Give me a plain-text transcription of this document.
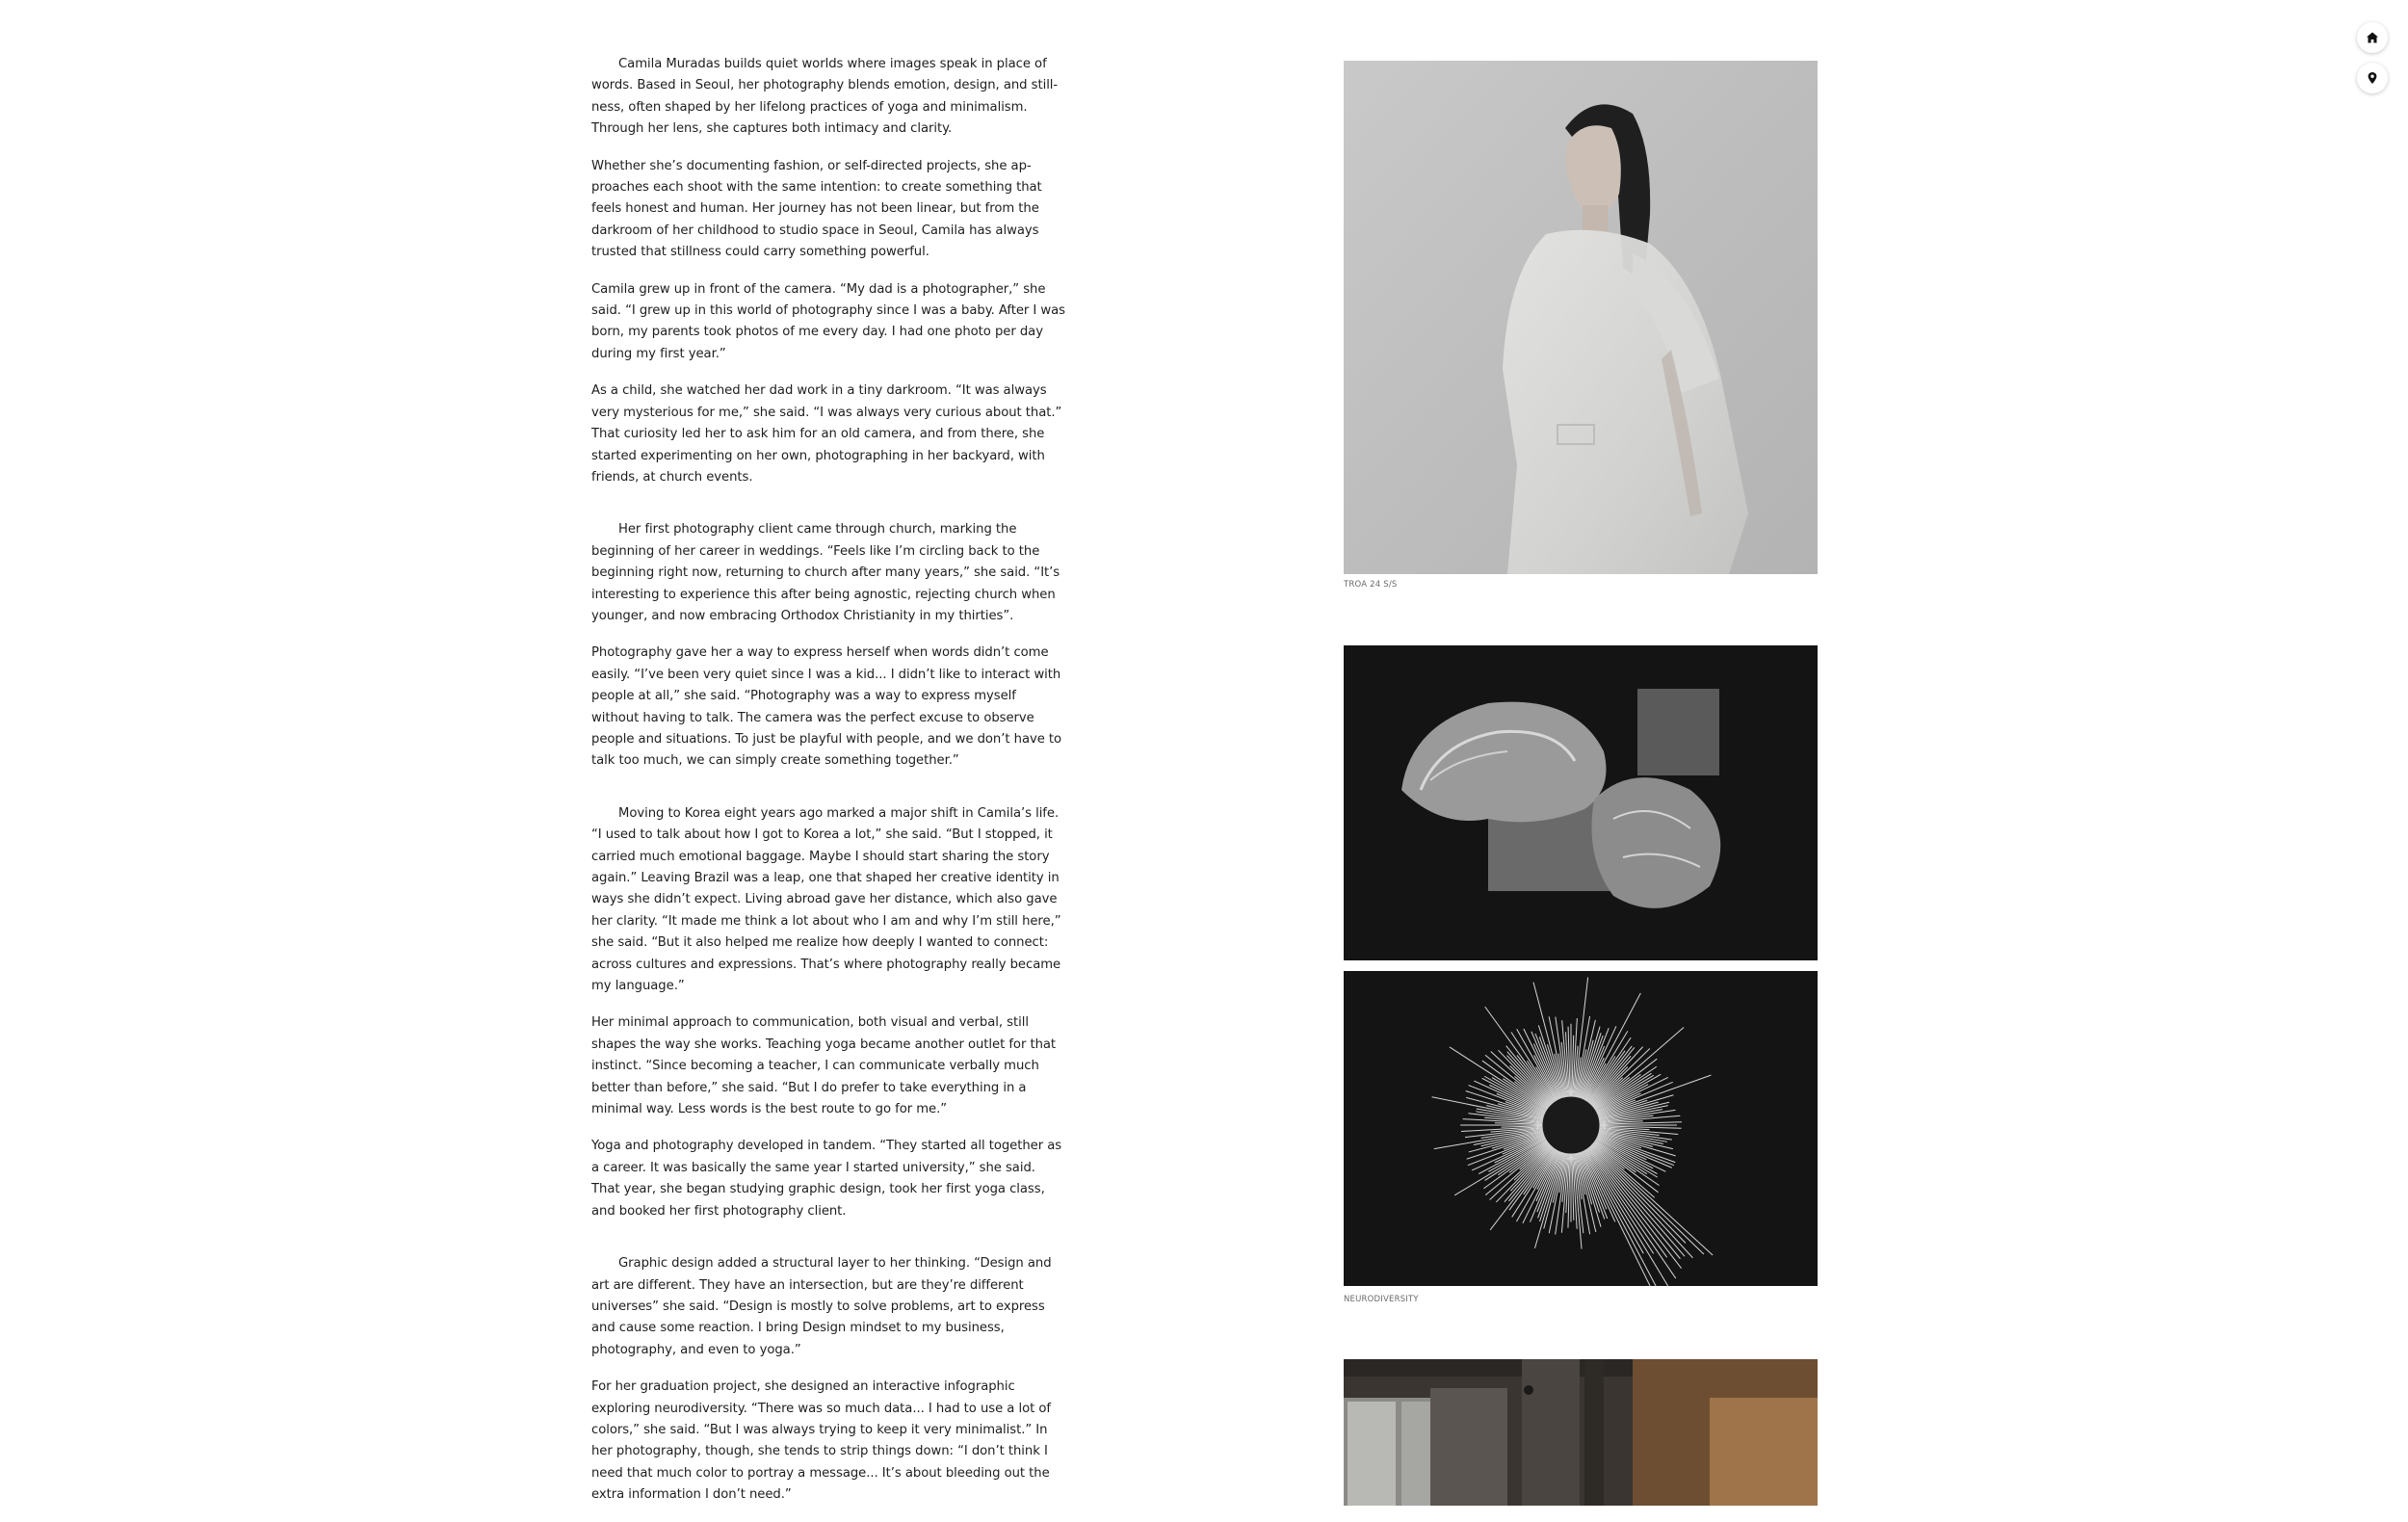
Camila Muradas builds quiet worlds where images speak in place of words. Based in Seoul, her photography blends emotion, design, and stillness, often shaped by her lifelong practices of yoga and minimalism. Through her lens, she captures both intimacy and clarity.

Whether she’s documenting fashion, or self-directed projects, she approaches each shoot with the same intention: to create something that feels honest and human. Her journey has not been linear, but from the darkroom of her childhood to studio space in Seoul, Camila has always trusted that stillness could carry something powerful.

Camila grew up in front of the camera. “My dad is a photographer,” she said. “I grew up in this world of photography since I was a baby. After I was born, my parents took photos of me every day. I had one photo per day during my first year.”

As a child, she watched her dad work in a tiny darkroom. “It was always very mysterious for me,” she said. “I was always very curious about that.” That curiosity led her to ask him for an old camera, and from there, she started experimenting on her own, photographing in her backyard, with friends, at church events.

Her first photography client came through church, marking the beginning of her career in weddings. “Feels like I’m circling back to the beginning right now, returning to church after many years,” she said. “It’s interesting to experience this after being agnostic, rejecting church when younger, and now embracing Orthodox Christianity in my thirties”.

Photography gave her a way to express herself when words didn’t come easily. “I’ve been very quiet since I was a kid... I didn’t like to interact with people at all,” she said. “Photography was a way to express myself without having to talk. The camera was the perfect excuse to observe people and situations. To just be playful with people, and we don’t have to talk too much, we can simply create something together.”

Moving to Korea eight years ago marked a major shift in Camila’s life. “I used to talk about how I got to Korea a lot,” she said. “But I stopped, it carried much emotional baggage. Maybe I should start sharing the story again.” Leaving Brazil was a leap, one that shaped her creative identity in ways she didn’t expect. Living abroad gave her distance, which also gave her clarity. “It made me think a lot about who I am and why I’m still here,” she said. “But it also helped me realize how deeply I wanted to connect: across cultures and expressions. That’s where photography really became my language.”

Her minimal approach to communication, both visual and verbal, still shapes the way she works. Teaching yoga became another outlet for that instinct. “Since becoming a teacher, I can communicate verbally much better than before,” she said. “But I do prefer to take everything in a minimal way. Less words is the best route to go for me.”

Yoga and photography developed in tandem. “They started all together as a career. It was basically the same year I started university,” she said. That year, she began studying graphic design, took her first yoga class, and booked her first photography client.

Graphic design added a structural layer to her thinking. “Design and art are different. They have an intersection, but are they’re different universes” she said. “Design is mostly to solve problems, art to express and cause some reaction. I bring Design mindset to my business, photography, and even to yoga.”

For her graduation project, she designed an interactive infographic exploring neurodiversity. “There was so much data... I had to use a lot of colors,” she said. “But I was always trying to keep it very minimalist.” In her photography, though, she tends to strip things down: “I don’t think I need that much color to portray a message... It’s about bleeding out the extra information I don’t need.”

TROA 24 S/S
NEURODIVERSITY
